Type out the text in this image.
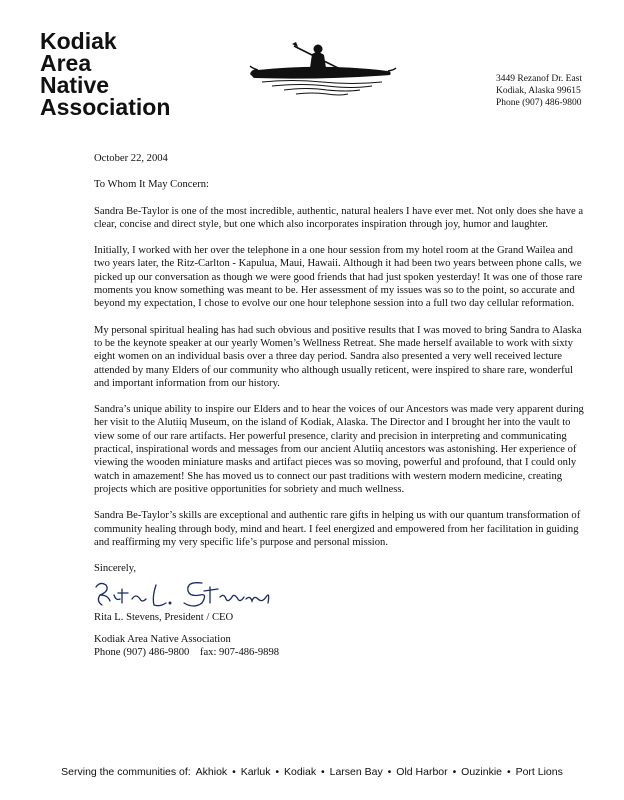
Kodiak
Area
Native
Association
3449 Rezanof Dr. East
Kodiak, Alaska 99615
Phone (907) 486-9800

October 22, 2004

To Whom It May Concern:

Sandra Be-Taylor is one of the most incredible, authentic, natural healers I have ever met. Not only does she have a clear, concise and direct style, but one which also incorporates inspiration through joy, humor and laughter.

Initially, I worked with her over the telephone in a one hour session from my hotel room at the Grand Wailea and two years later, the Ritz-Carlton - Kapulua, Maui, Hawaii. Although it had been two years between phone calls, we picked up our conversation as though we were good friends that had just spoken yesterday! It was one of those rare moments you know something was meant to be. Her assessment of my issues was so to the point, so accurate and beyond my expectation, I chose to evolve our one hour telephone session into a full two day cellular reformation.

My personal spiritual healing has had such obvious and positive results that I was moved to bring Sandra to Alaska to be the keynote speaker at our yearly Women’s Wellness Retreat. She made herself available to work with sixty eight women on an individual basis over a three day period. Sandra also presented a very well received lecture attended by many Elders of our community who although usually reticent, were inspired to share rare, wonderful and important information from our history.

Sandra’s unique ability to inspire our Elders and to hear the voices of our Ancestors was made very apparent during her visit to the Alutiiq Museum, on the island of Kodiak, Alaska. The Director and I brought her into the vault to view some of our rare artifacts. Her powerful presence, clarity and precision in interpreting and communicating practical, inspirational words and messages from our ancient Alutiiq ancestors was astonishing. Her experience of viewing the wooden miniature masks and artifact pieces was so moving, powerful and profound, that I could only watch in amazement! She has moved us to connect our past traditions with western modern medicine, creating projects which are positive opportunities for sobriety and much wellness.

Sandra Be-Taylor’s skills are exceptional and authentic rare gifts in helping us with our quantum transformation of community healing through body, mind and heart. I feel energized and empowered from her facilitation in guiding and reaffirming my very specific life’s purpose and personal mission.

Sincerely,

Rita L. Stevens, President / CEO

Kodiak Area Native Association

Phone (907) 486-9800    fax: 907-486-9898

Serving the communities of: Akhiok • Karluk • Kodiak • Larsen Bay • Old Harbor • Ouzinkie • Port Lions
